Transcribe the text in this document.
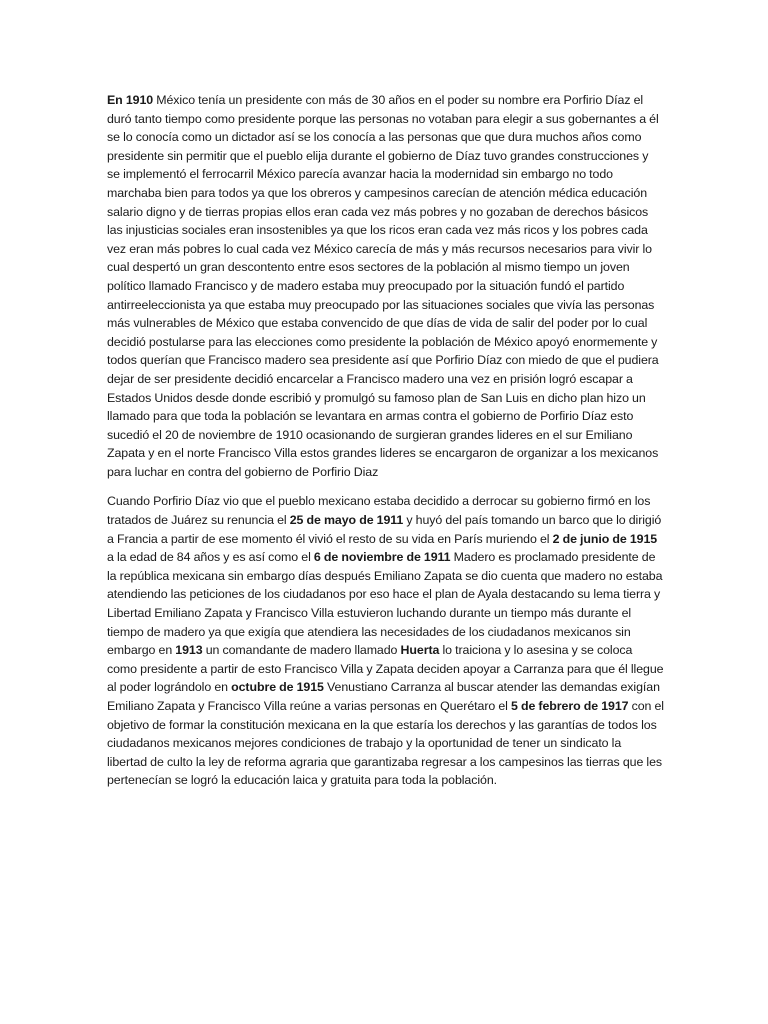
En 1910 México tenía un presidente con más de 30 años en el poder su nombre era Porfirio Díaz el duró tanto tiempo como presidente porque las personas no votaban para elegir a sus gobernantes a él se lo conocía como un dictador así se los conocía a las personas que que dura muchos años como presidente sin permitir que el pueblo elija durante el gobierno de Díaz tuvo grandes construcciones y se implementó el ferrocarril México parecía avanzar hacia la modernidad sin embargo no todo marchaba bien para todos ya que los obreros y campesinos carecían de atención médica educación salario digno y de tierras propias ellos eran cada vez más pobres y no gozaban de derechos básicos las injusticias sociales eran insostenibles ya que los ricos eran cada vez más ricos y los pobres cada vez eran más pobres lo cual cada vez México carecía de más y más recursos necesarios para vivir lo cual despertó un gran descontento entre esos sectores de la población al mismo tiempo un joven político llamado Francisco y de madero estaba muy preocupado por la situación fundó el partido antirreeleccionista ya que estaba muy preocupado por las situaciones sociales que vivía las personas más vulnerables de México que estaba convencido de que días de vida de salir del poder por lo cual decidió postularse para las elecciones como presidente la población de México apoyó enormemente y todos querían que Francisco madero sea presidente así que Porfirio Díaz con miedo de que el pudiera dejar de ser presidente decidió encarcelar a Francisco madero una vez en prisión logró escapar a Estados Unidos desde donde escribió y promulgó su famoso plan de San Luis en dicho plan hizo un llamado para que toda la población se levantara en armas contra el gobierno de Porfirio Díaz esto sucedió el 20 de noviembre de 1910 ocasionando de surgieran grandes lideres en el sur Emiliano Zapata y en el norte Francisco Villa estos grandes lideres se encargaron de organizar a los mexicanos para luchar en contra del gobierno de Porfirio Diaz

Cuando Porfirio Díaz vio que el pueblo mexicano estaba decidido a derrocar su gobierno firmó en los tratados de Juárez su renuncia el 25 de mayo de 1911 y huyó del país tomando un barco que lo dirigió a Francia a partir de ese momento él vivió el resto de su vida en París muriendo el 2 de junio de 1915 a la edad de 84 años y es así como el 6 de noviembre de 1911 Madero es proclamado presidente de la república mexicana sin embargo días después Emiliano Zapata se dio cuenta que madero no estaba atendiendo las peticiones de los ciudadanos por eso hace el plan de Ayala destacando su lema tierra y Libertad Emiliano Zapata y Francisco Villa estuvieron luchando durante un tiempo más durante el tiempo de madero ya que exigía que atendiera las necesidades de los ciudadanos mexicanos sin embargo en 1913 un comandante de madero llamado Huerta lo traiciona y lo asesina y se coloca como presidente a partir de esto Francisco Villa y Zapata deciden apoyar a Carranza para que él llegue al poder lográndolo en octubre de 1915 Venustiano Carranza al buscar atender las demandas exigían Emiliano Zapata y Francisco Villa reúne a varias personas en Querétaro el 5 de febrero de 1917 con el objetivo de formar la constitución mexicana en la que estaría los derechos y las garantías de todos los ciudadanos mexicanos mejores condiciones de trabajo y la oportunidad de tener un sindicato la libertad de culto la ley de reforma agraria que garantizaba regresar a los campesinos las tierras que les pertenecían se logró la educación laica y gratuita para toda la población.
